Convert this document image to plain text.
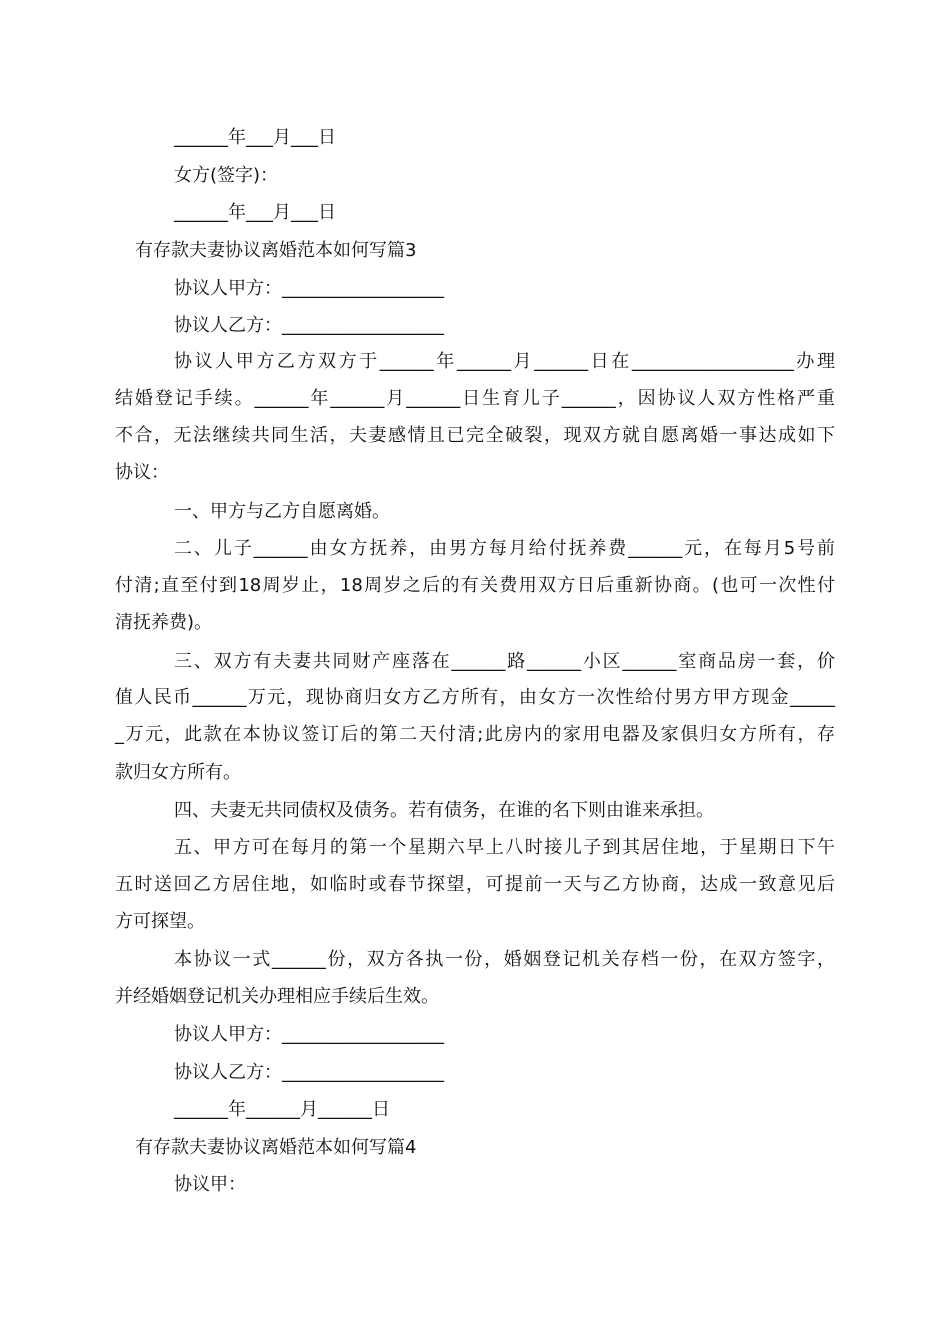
______年___月___日
女方(签字)：
______年___月___日
有存款夫妻协议离婚范本如何写篇3
协议人甲方：__________________
协议人乙方：__________________
协议人甲方乙方双方于______年______月______日在__________________办理
结婚登记手续。______年______月______日生育儿子______，因协议人双方性格严重
不合，无法继续共同生活，夫妻感情且已完全破裂，现双方就自愿离婚一事达成如下
协议：
一、甲方与乙方自愿离婚。
二、儿子______由女方抚养，由男方每月给付抚养费______元，在每月5号前
付清;直至付到18周岁止，18周岁之后的有关费用双方日后重新协商。(也可一次性付
清抚养费)。
三、双方有夫妻共同财产座落在______路______小区______室商品房一套，价
值人民币______万元，现协商归女方乙方所有，由女方一次性给付男方甲方现金_____
_万元，此款在本协议签订后的第二天付清;此房内的家用电器及家俱归女方所有，存
款归女方所有。
四、夫妻无共同债权及债务。若有债务，在谁的名下则由谁来承担。
五、甲方可在每月的第一个星期六早上八时接儿子到其居住地，于星期日下午
五时送回乙方居住地，如临时或春节探望，可提前一天与乙方协商，达成一致意见后
方可探望。
本协议一式______份，双方各执一份，婚姻登记机关存档一份，在双方签字，
并经婚姻登记机关办理相应手续后生效。
协议人甲方：__________________
协议人乙方：__________________
______年______月______日
有存款夫妻协议离婚范本如何写篇4
协议甲：
